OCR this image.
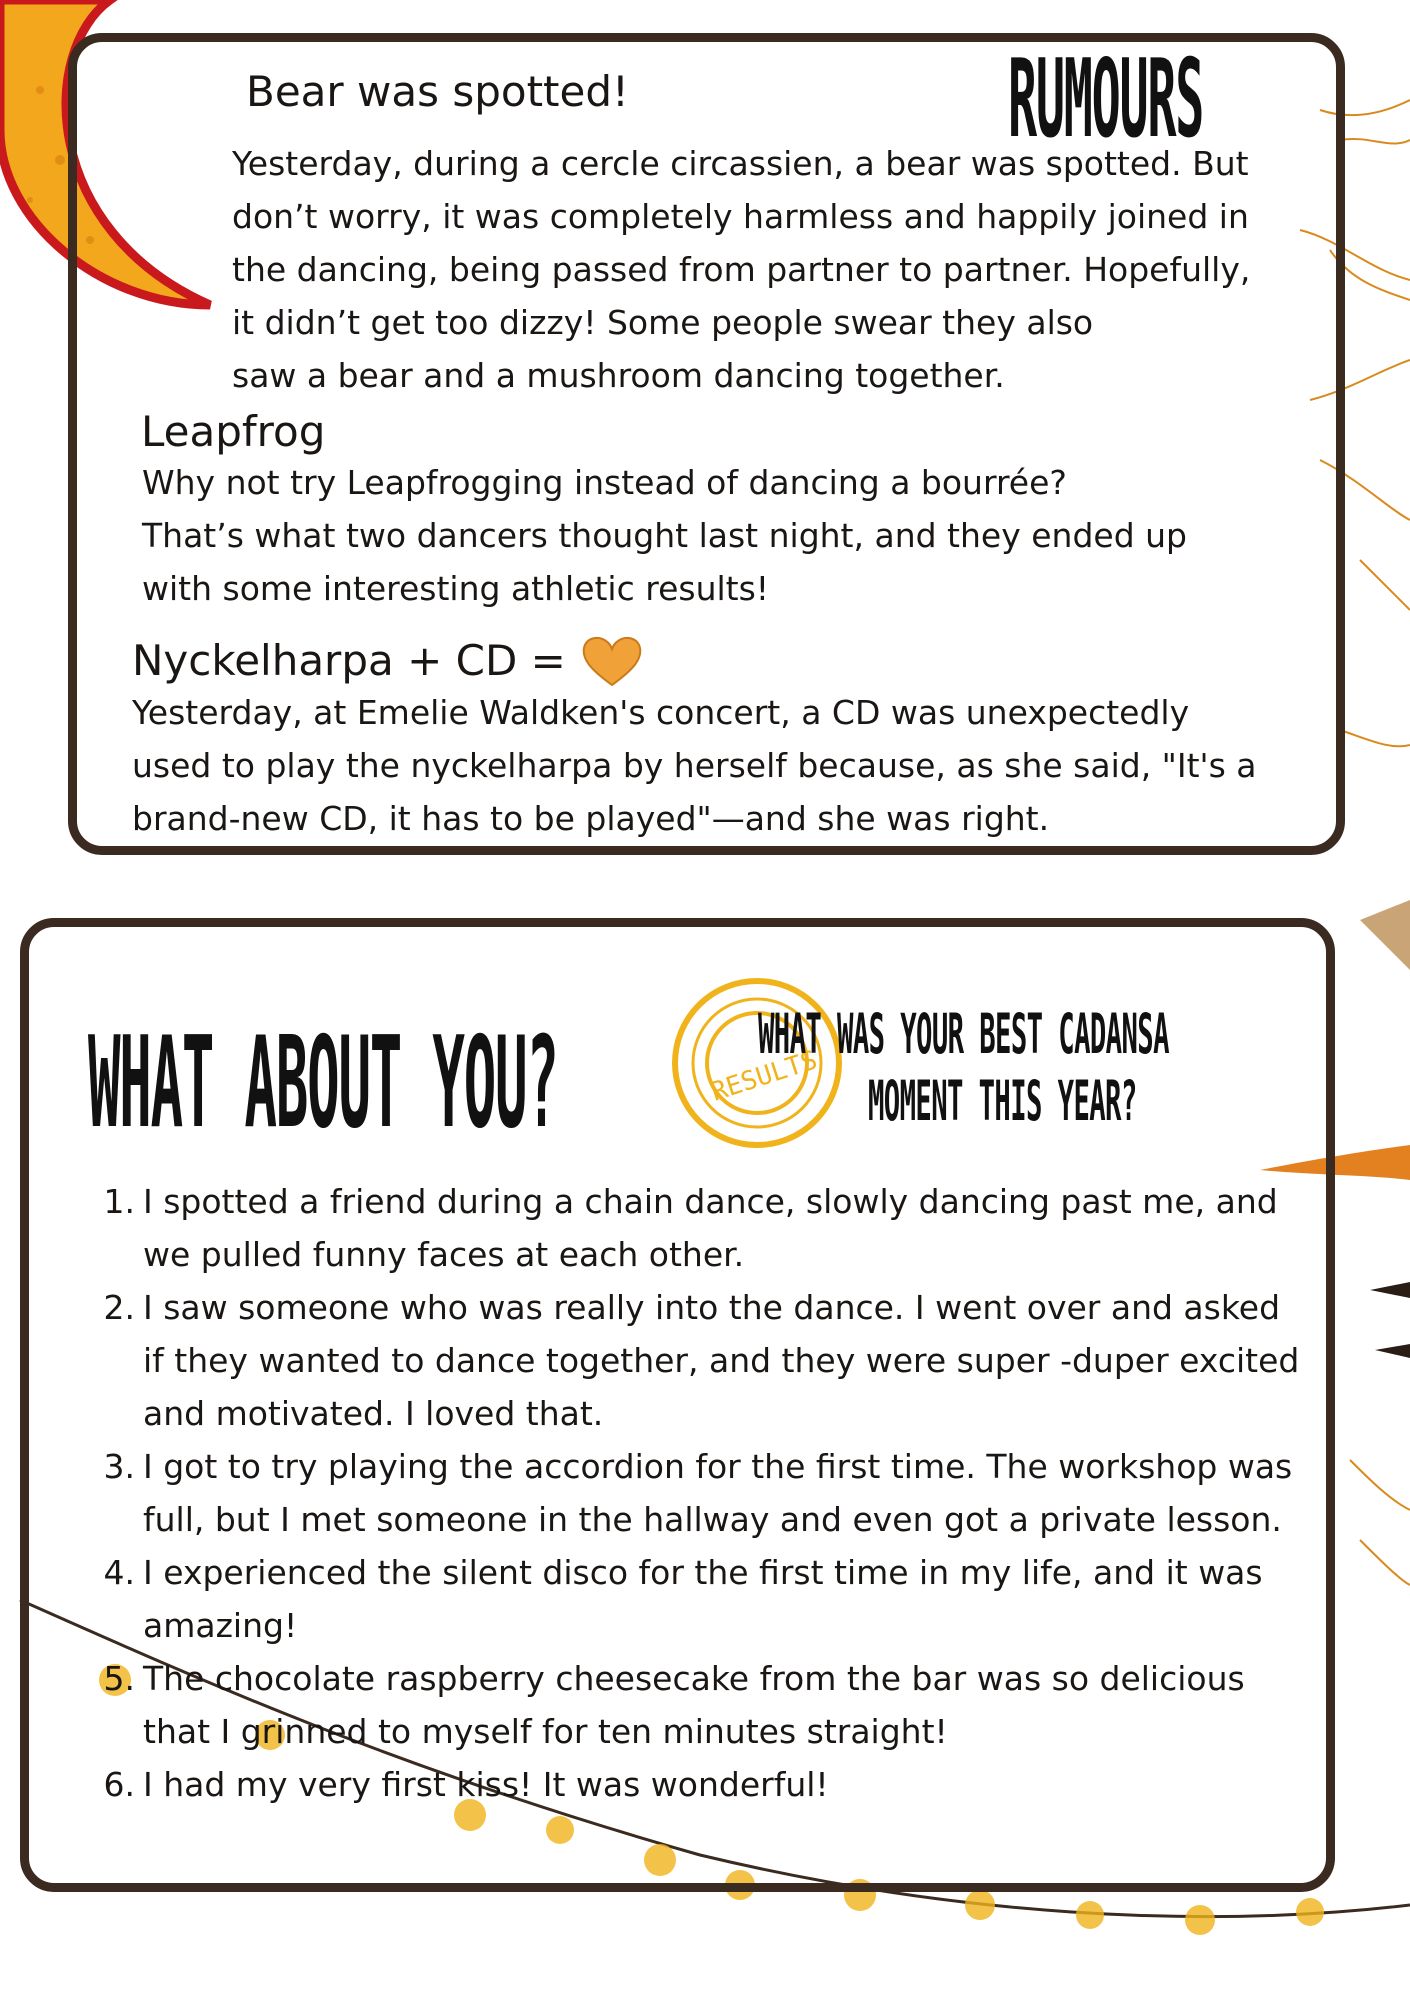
RUMOURS
Bear was spotted!
Yesterday, during a cercle circassien, a bear was spotted. But
don’t worry, it was completely harmless and happily joined in
the dancing, being passed from partner to partner. Hopefully,
it didn’t get too dizzy! Some people swear they also
saw a bear and a mushroom dancing together.
Leapfrog
Why not try Leapfrogging instead of dancing a bourrée?
That’s what two dancers thought last night, and they ended up
with some interesting athletic results!
Nyckelharpa + CD =
Yesterday, at Emelie Waldken's concert, a CD was unexpectedly
used to play the nyckelharpa by herself because, as she said, "It's a
brand-new CD, it has to be played"—and she was right.
WHAT ABOUT YOU?	RESULTS
WHAT WAS YOUR BEST CADANSA
MOMENT THIS YEAR?
1. I spotted a friend during a chain dance, slowly dancing past me, and
we pulled funny faces at each other.
2. I saw someone who was really into the dance. I went over and asked
if they wanted to dance together, and they were super -duper excited
and motivated. I loved that.
3. I got to try playing the accordion for the first time. The workshop was
full, but I met someone in the hallway and even got a private lesson.
4. I experienced the silent disco for the first time in my life, and it was
amazing!
5. The chocolate raspberry cheesecake from the bar was so delicious
that I grinned to myself for ten minutes straight!
6. I had my very first kiss! It was wonderful!
